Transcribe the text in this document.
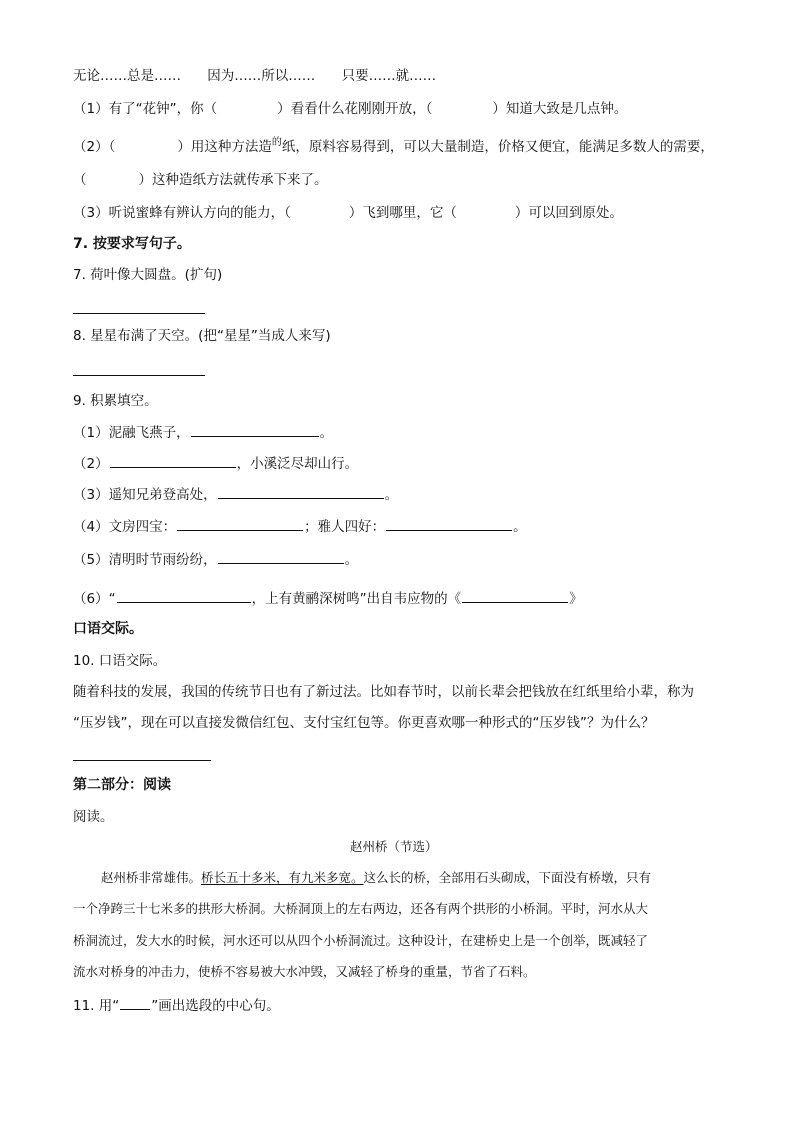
无论……总是…… 因为……所以…… 只要……就……
（1）有了“花钟”，你（	）看看什么花刚刚开放，（	）知道大致是几点钟。
（2）（	）用这种方法造$^的$纸，原料容易得到，可以大量制造，价格又便宜，能满足多数人的需要，
（	）这种造纸方法就传承下来了。
（3）听说蜜蜂有辨认方向的能力，（	）飞到哪里，它（	）可以回到原处。
7. 按要求写句子。
7. 荷叶像大圆盘。(扩句)
8. 星星布满了天空。(把“星星”当成人来写)
9. 积累填空。
（1）泥融飞燕子，	。
（2）	，小溪泛尽却山行。
（3）遥知兄弟登高处，	。
（4）文房四宝：	；雅人四好：	。
（5）清明时节雨纷纷，	。
（6）“	，上有黄鹂深树鸣”出自韦应物的《	》
口语交际。
10. 口语交际。
随着科技的发展，我国的传统节日也有了新过法。比如春节时，以前长辈会把钱放在红纸里给小辈，称为
“压岁钱”，现在可以直接发微信红包、支付宝红包等。你更喜欢哪一种形式的“压岁钱”？为什么？
第二部分：阅读
阅读。
赵州桥（节选）
赵州桥非常雄伟。桥长五十多米，有九米多宽。这么长的桥，全部用石头砌成，下面没有桥墩，只有
一个净跨三十七米多的拱形大桥洞。大桥洞顶上的左右两边，还各有两个拱形的小桥洞。平时，河水从大
桥洞流过，发大水的时候，河水还可以从四个小桥洞流过。这种设计，在建桥史上是一个创举，既减轻了
流水对桥身的冲击力，使桥不容易被大水冲毁，又减轻了桥身的重量，节省了石料。
11. 用“ ”画出选段的中心句。
